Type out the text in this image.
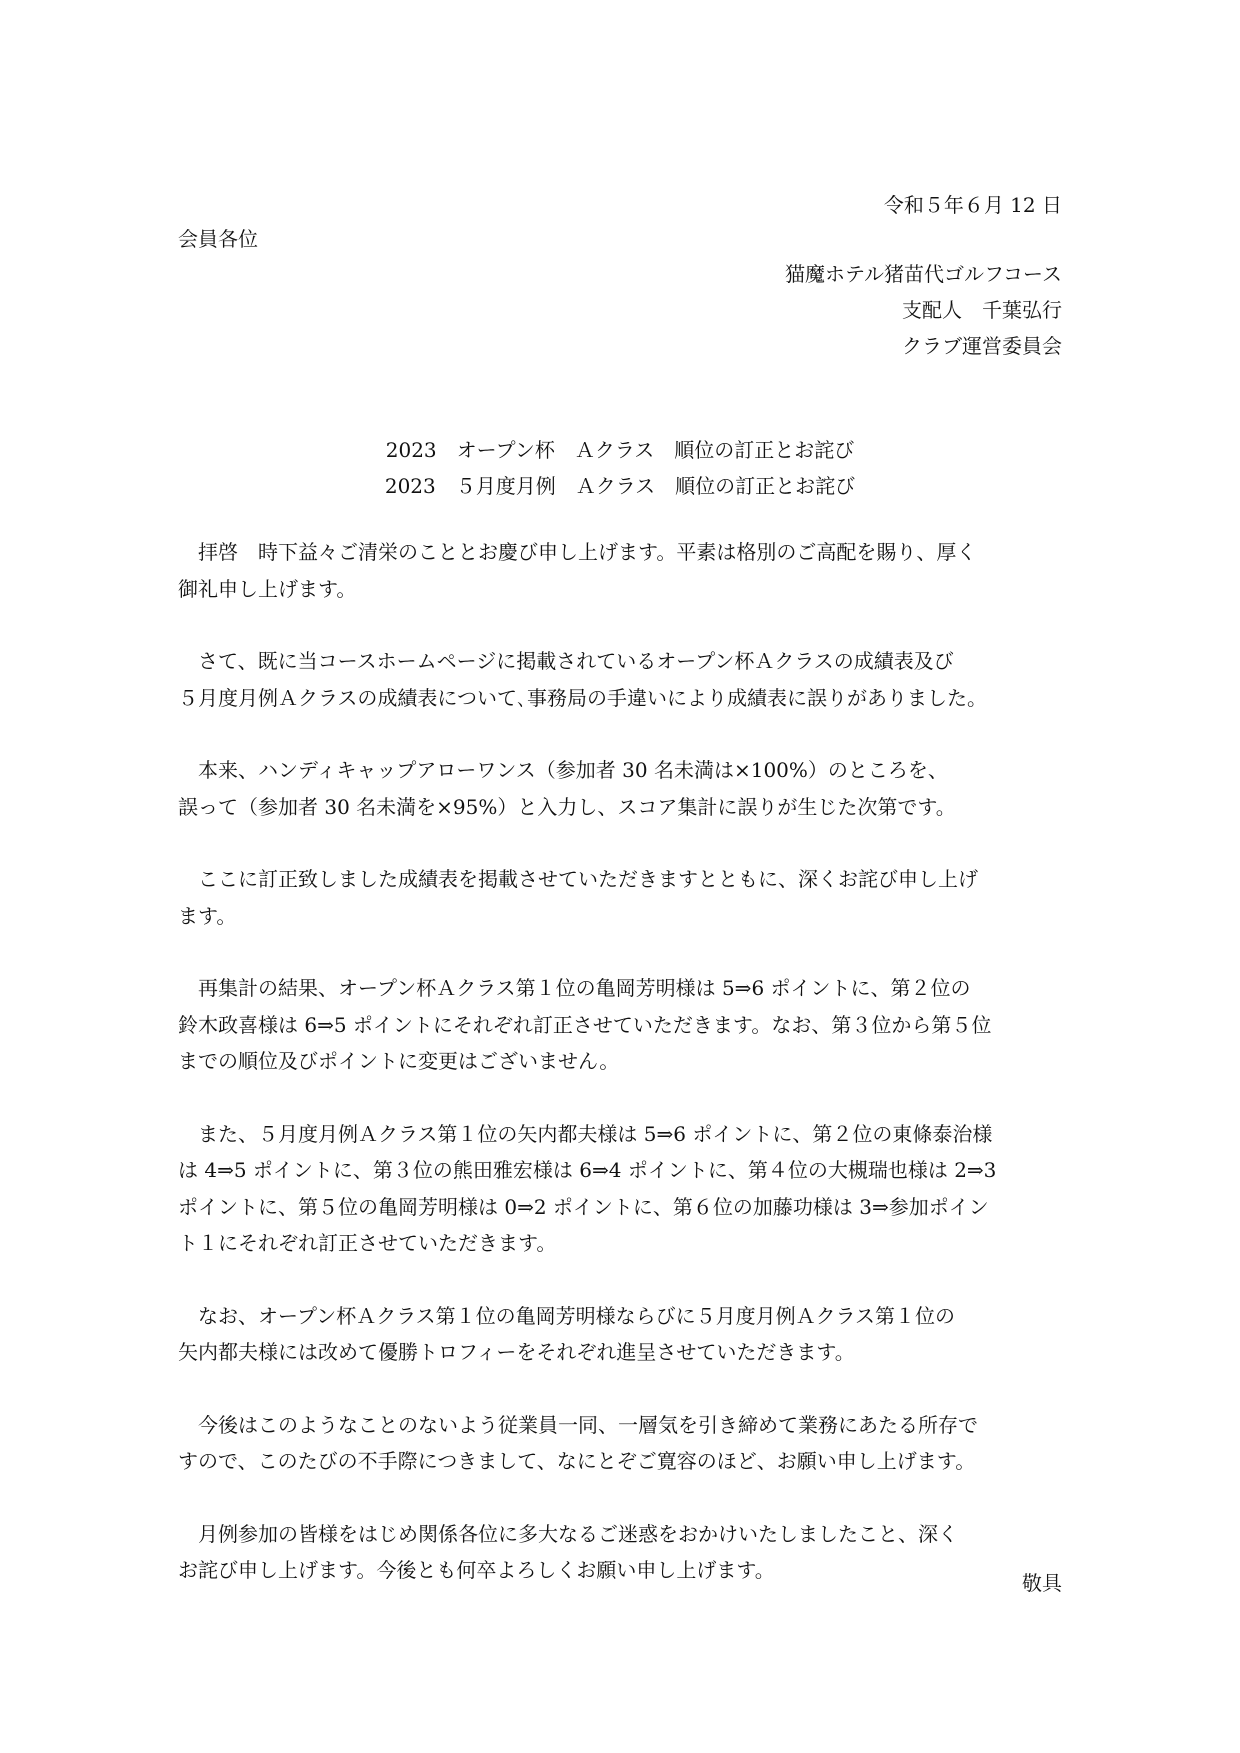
令和５年６月 12 日
会員各位
猫魔ホテル猪苗代ゴルフコース
支配人　千葉弘行
クラブ運営委員会
2023　オープン杯　Ａクラス　順位の訂正とお詫び
2023　５月度月例　Ａクラス　順位の訂正とお詫び
拝啓　時下益々ご清栄のこととお慶び申し上げます。平素は格別のご高配を賜り、厚く
御礼申し上げます。
さて、既に当コースホームページに掲載されているオープン杯Ａクラスの成績表及び
５月度月例Ａクラスの成績表について､事務局の手違いにより成績表に誤りがありました。
本来、ハンディキャップアローワンス（参加者 30 名未満は×100%）のところを、
誤って（参加者 30 名未満を×95%）と入力し、スコア集計に誤りが生じた次第です。
ここに訂正致しました成績表を掲載させていただきますとともに、深くお詫び申し上げ
ます。
再集計の結果、オープン杯Ａクラス第１位の亀岡芳明様は 5⇒6 ポイントに、第２位の
鈴木政喜様は 6⇒5 ポイントにそれぞれ訂正させていただきます。なお、第３位から第５位
までの順位及びポイントに変更はございません。
また、５月度月例Ａクラス第１位の矢内都夫様は 5⇒6 ポイントに、第２位の東條泰治様
は 4⇒5 ポイントに、第３位の熊田雅宏様は 6⇒4 ポイントに、第４位の大槻瑞也様は 2⇒3
ポイントに、第５位の亀岡芳明様は 0⇒2 ポイントに、第６位の加藤功様は 3⇒参加ポイン
ト１にそれぞれ訂正させていただきます。
なお、オープン杯Ａクラス第１位の亀岡芳明様ならびに５月度月例Ａクラス第１位の
矢内都夫様には改めて優勝トロフィーをそれぞれ進呈させていただきます。
今後はこのようなことのないよう従業員一同、一層気を引き締めて業務にあたる所存で
すので、このたびの不手際につきまして、なにとぞご寛容のほど、お願い申し上げます。
月例参加の皆様をはじめ関係各位に多大なるご迷惑をおかけいたしましたこと、深く
お詫び申し上げます。今後とも何卒よろしくお願い申し上げます。
敬具
